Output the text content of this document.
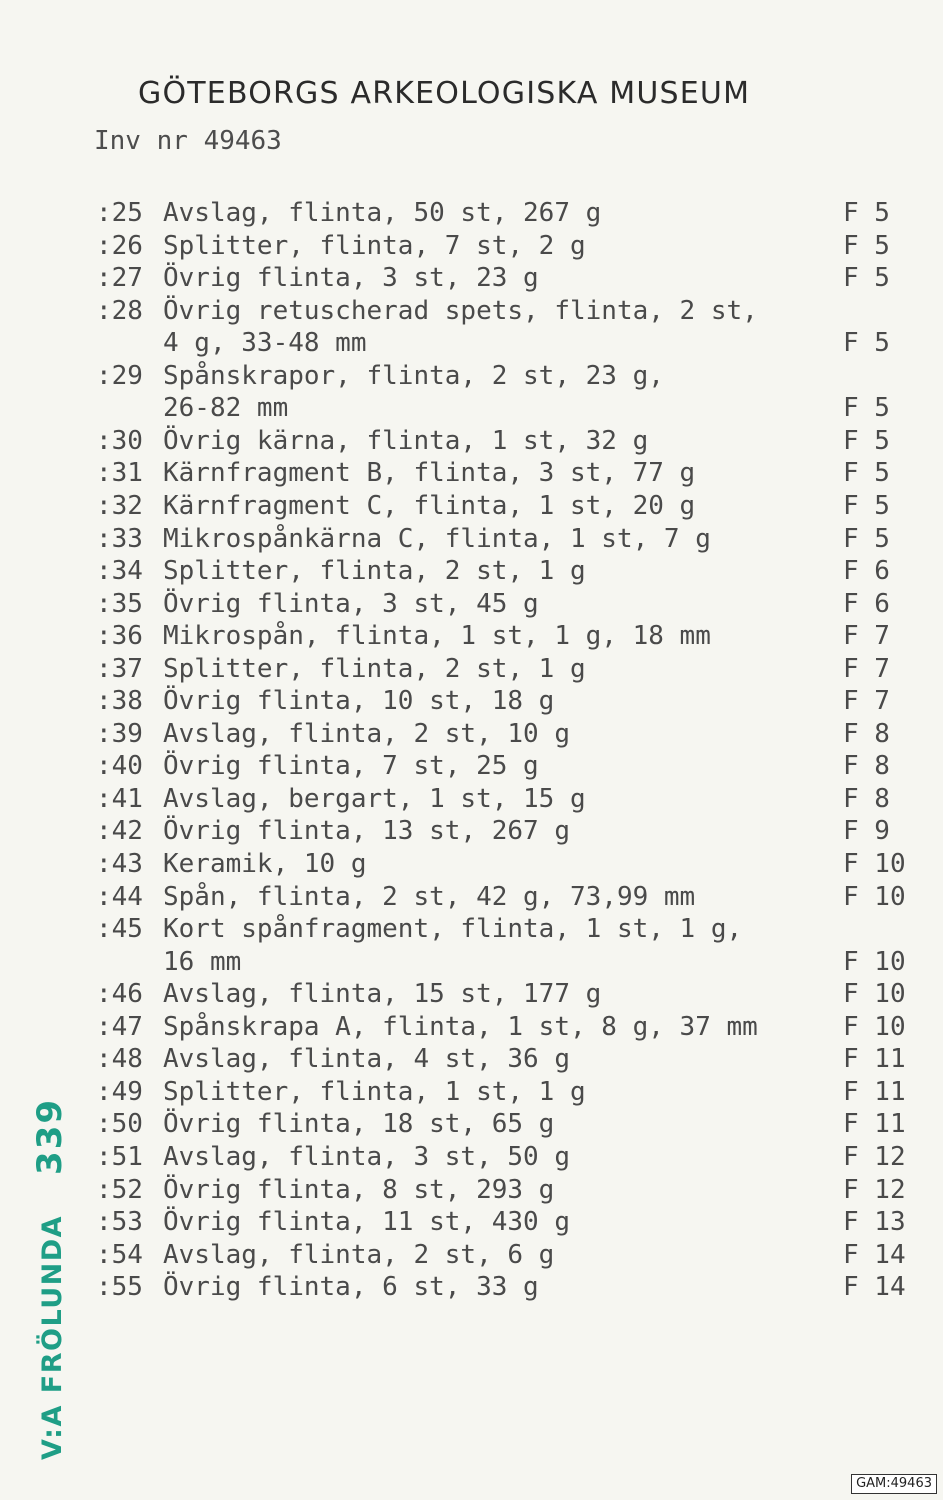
GÖTEBORGS ARKEOLOGISKA MUSEUM
Inv nr 49463
:25 Avslag, flinta, 50 st, 267 g	F 5
:26 Splitter, flinta, 7 st, 2 g	F 5
:27 Övrig flinta, 3 st, 23 g	F 5
:28 Övrig retuscherad spets, flinta, 2 st,
4 g, 33-48 mm	F 5
:29 Spånskrapor, flinta, 2 st, 23 g,
26-82 mm	F 5
:30 Övrig kärna, flinta, 1 st, 32 g	F 5
:31 Kärnfragment B, flinta, 3 st, 77 g	F 5
:32 Kärnfragment C, flinta, 1 st, 20 g	F 5
:33 Mikrospånkärna C, flinta, 1 st, 7 g	F 5
:34 Splitter, flinta, 2 st, 1 g	F 6
:35 Övrig flinta, 3 st, 45 g	F 6
:36 Mikrospån, flinta, 1 st, 1 g, 18 mm	F 7
:37 Splitter, flinta, 2 st, 1 g	F 7
:38 Övrig flinta, 10 st, 18 g	F 7
:39 Avslag, flinta, 2 st, 10 g	F 8
:40 Övrig flinta, 7 st, 25 g	F 8
:41 Avslag, bergart, 1 st, 15 g	F 8
:42 Övrig flinta, 13 st, 267 g	F 9
:43 Keramik, 10 g	F 10
:44 Spån, flinta, 2 st, 42 g, 73,99 mm	F 10
:45 Kort spånfragment, flinta, 1 st, 1 g,
16 mm	F 10
:46 Avslag, flinta, 15 st, 177 g	F 10
:47 Spånskrapa A, flinta, 1 st, 8 g, 37 mm	F 10
:48 Avslag, flinta, 4 st, 36 g	F 11
:49 Splitter, flinta, 1 st, 1 g	F 11
:50 Övrig flinta, 18 st, 65 g	F 11
:51 Avslag, flinta, 3 st, 50 g	F 12
:52 Övrig flinta, 8 st, 293 g	F 12
:53 Övrig flinta, 11 st, 430 g	F 13
:54 Avslag, flinta, 2 st, 6 g	F 14
:55 Övrig flinta, 6 st, 33 g	F 14
V:A FRÖLUNDA
339
GAM:49463
